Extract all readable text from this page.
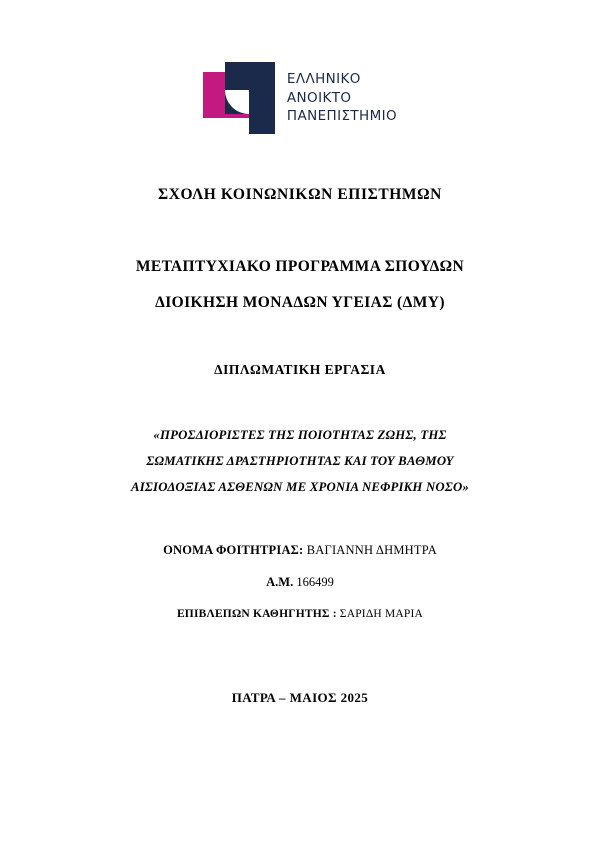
ΕΛΛΗΝΙΚΟ
ΑΝΟΙΚΤΟ
ΠΑΝΕΠΙΣΤΗΜΙΟ
ΣΧΟΛΗ ΚΟΙΝΩΝΙΚΩΝ ΕΠΙΣΤΗΜΩΝ
ΜΕΤΑΠΤΥΧΙΑΚΟ ΠΡΟΓΡΑΜΜΑ ΣΠΟΥΔΩΝ
ΔΙΟΙΚΗΣΗ ΜΟΝΑΔΩΝ ΥΓΕΙΑΣ (ΔΜΥ)
ΔΙΠΛΩΜΑΤΙΚΗ ΕΡΓΑΣΙΑ
«ΠΡΟΣΔΙΟΡΙΣΤΕΣ ΤΗΣ ΠΟΙΟΤΗΤΑΣ ΖΩΗΣ, ΤΗΣ
ΣΩΜΑΤΙΚΗΣ ΔΡΑΣΤΗΡΙΟΤΗΤΑΣ ΚΑΙ ΤΟΥ ΒΑΘΜΟΥ
ΑΙΣΙΟΔΟΞΙΑΣ ΑΣΘΕΝΩΝ ΜΕ ΧΡΟΝΙΑ ΝΕΦΡΙΚΗ ΝΟΣΟ»
ΟΝΟΜΑ ΦΟΙΤΗΤΡΙΑΣ: ΒΑΓΙΑΝΝΗ ΔΗΜΗΤΡΑ
Α.Μ. 166499
ΕΠΙΒΛΕΠΩΝ ΚΑΘΗΓΗΤΗΣ : ΣΑΡΙΔΗ ΜΑΡΙΑ
ΠΑΤΡΑ – ΜΑΙΟΣ 2025
